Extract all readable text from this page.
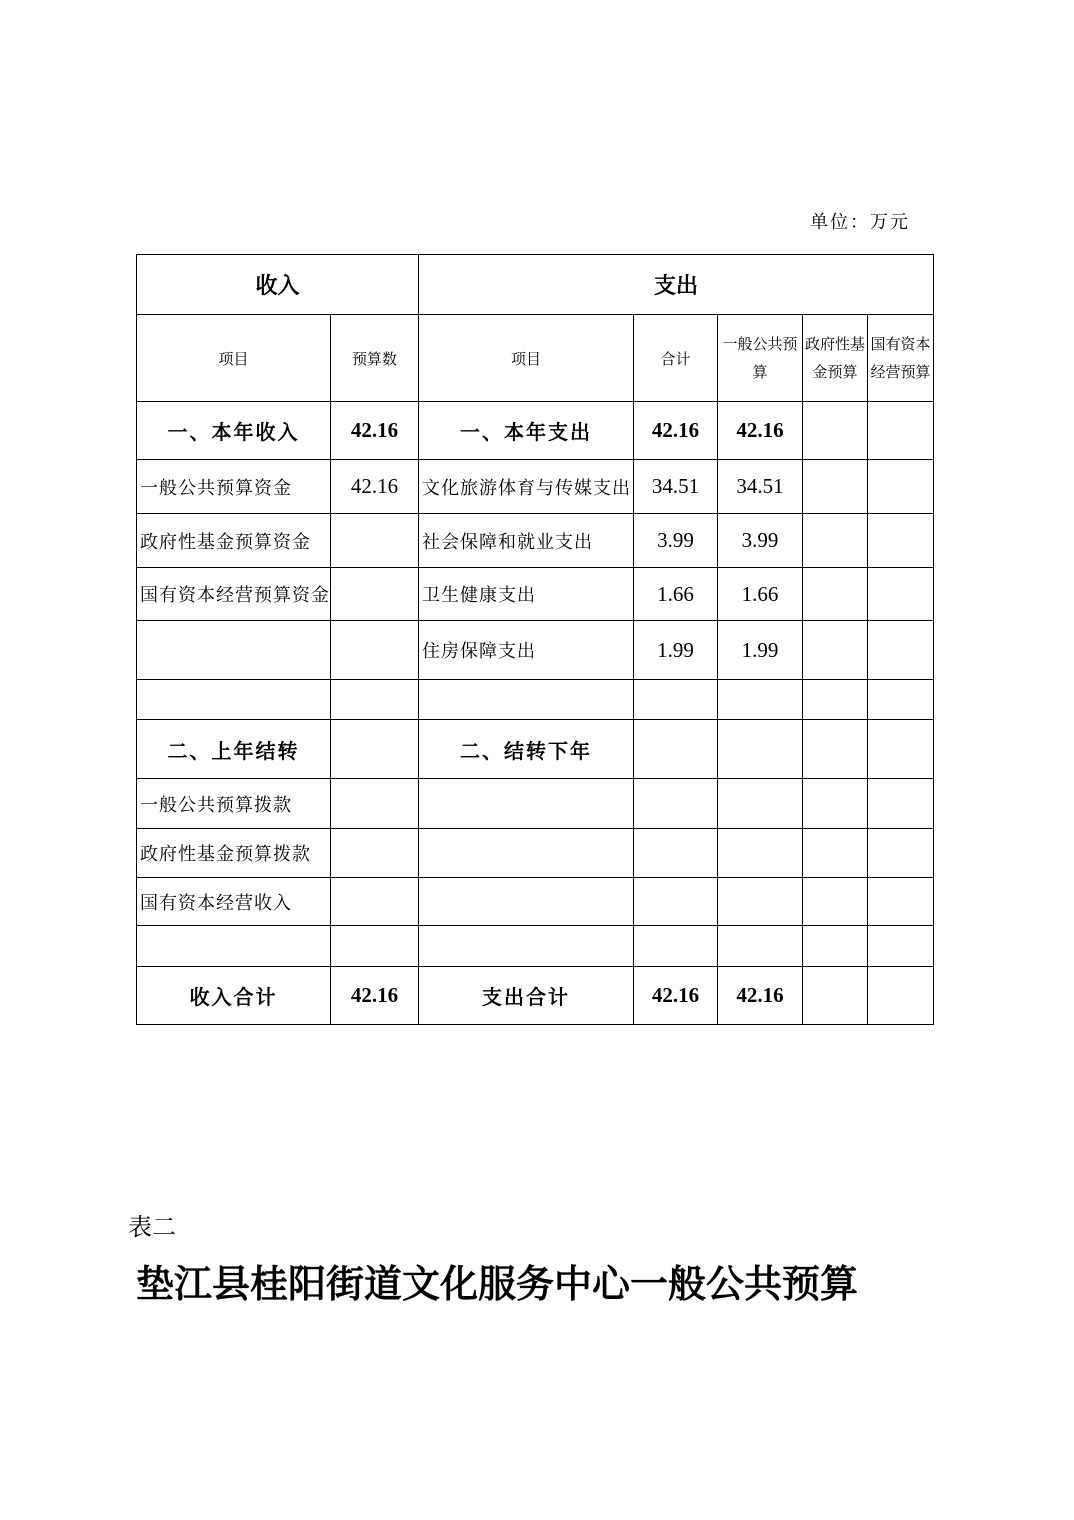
单位：万元
收入		支出				
项目	预算数	项目	合计	一般公共预算	政府性基金预算	国有资本经营预算
一、本年收入	42.16	一、本年支出	42.16	42.16		
一般公共预算资金	42.16	文化旅游体育与传媒支出	34.51	34.51		
政府性基金预算资金		社会保障和就业支出	3.99	3.99		
国有资本经营预算资金		卫生健康支出	1.66	1.66		
		住房保障支出	1.99	1.99		

二、上年结转		二、结转下年				
一般公共预算拨款						
政府性基金预算拨款						
国有资本经营收入						

收入合计	42.16	支出合计	42.16	42.16		
表二
垫江县桂阳街道文化服务中心一般公共预算
